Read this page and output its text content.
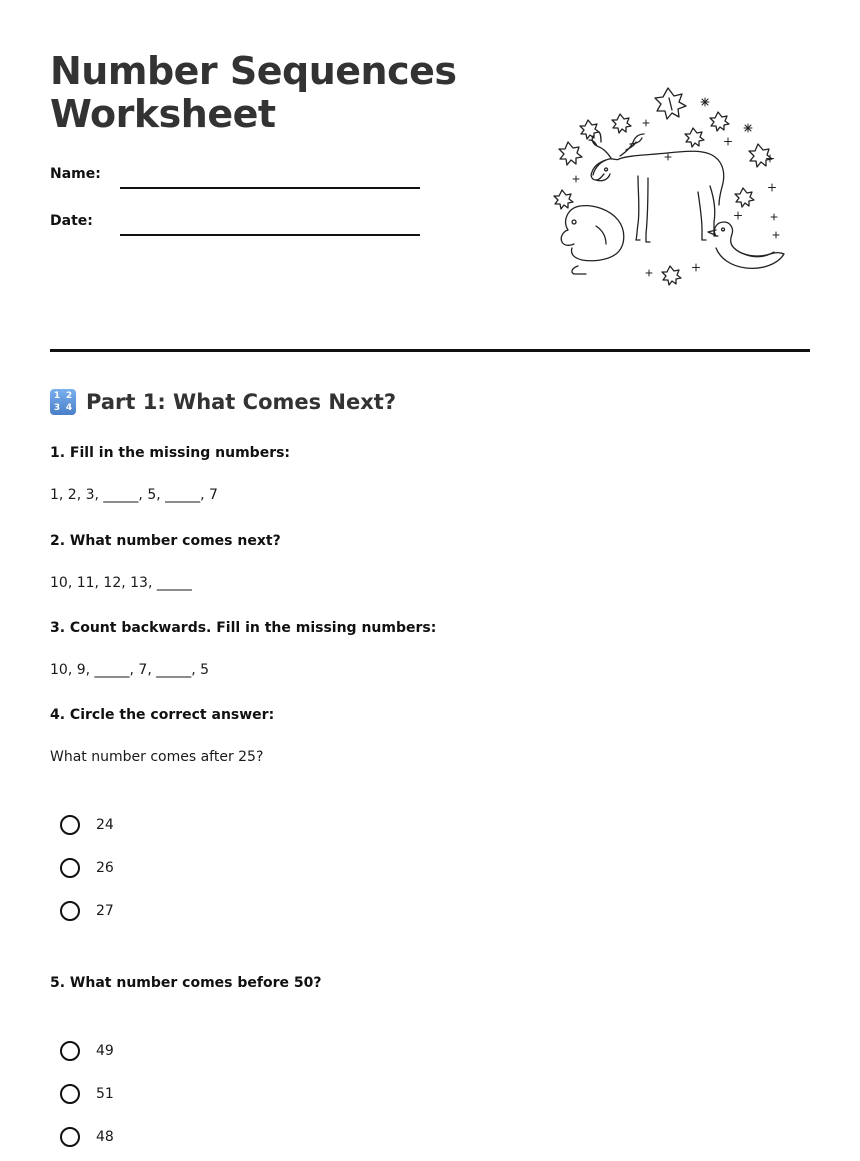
Number Sequences
Worksheet
Name:
Date:
1 2
3 4 Part 1: What Comes Next?
1. Fill in the missing numbers:
1, 2, 3, _____, 5, _____, 7
2. What number comes next?
10, 11, 12, 13, _____
3. Count backwards. Fill in the missing numbers:
10, 9, _____, 7, _____, 5
4. Circle the correct answer:
What number comes after 25?
24
26
27
5. What number comes before 50?
49
51
48
